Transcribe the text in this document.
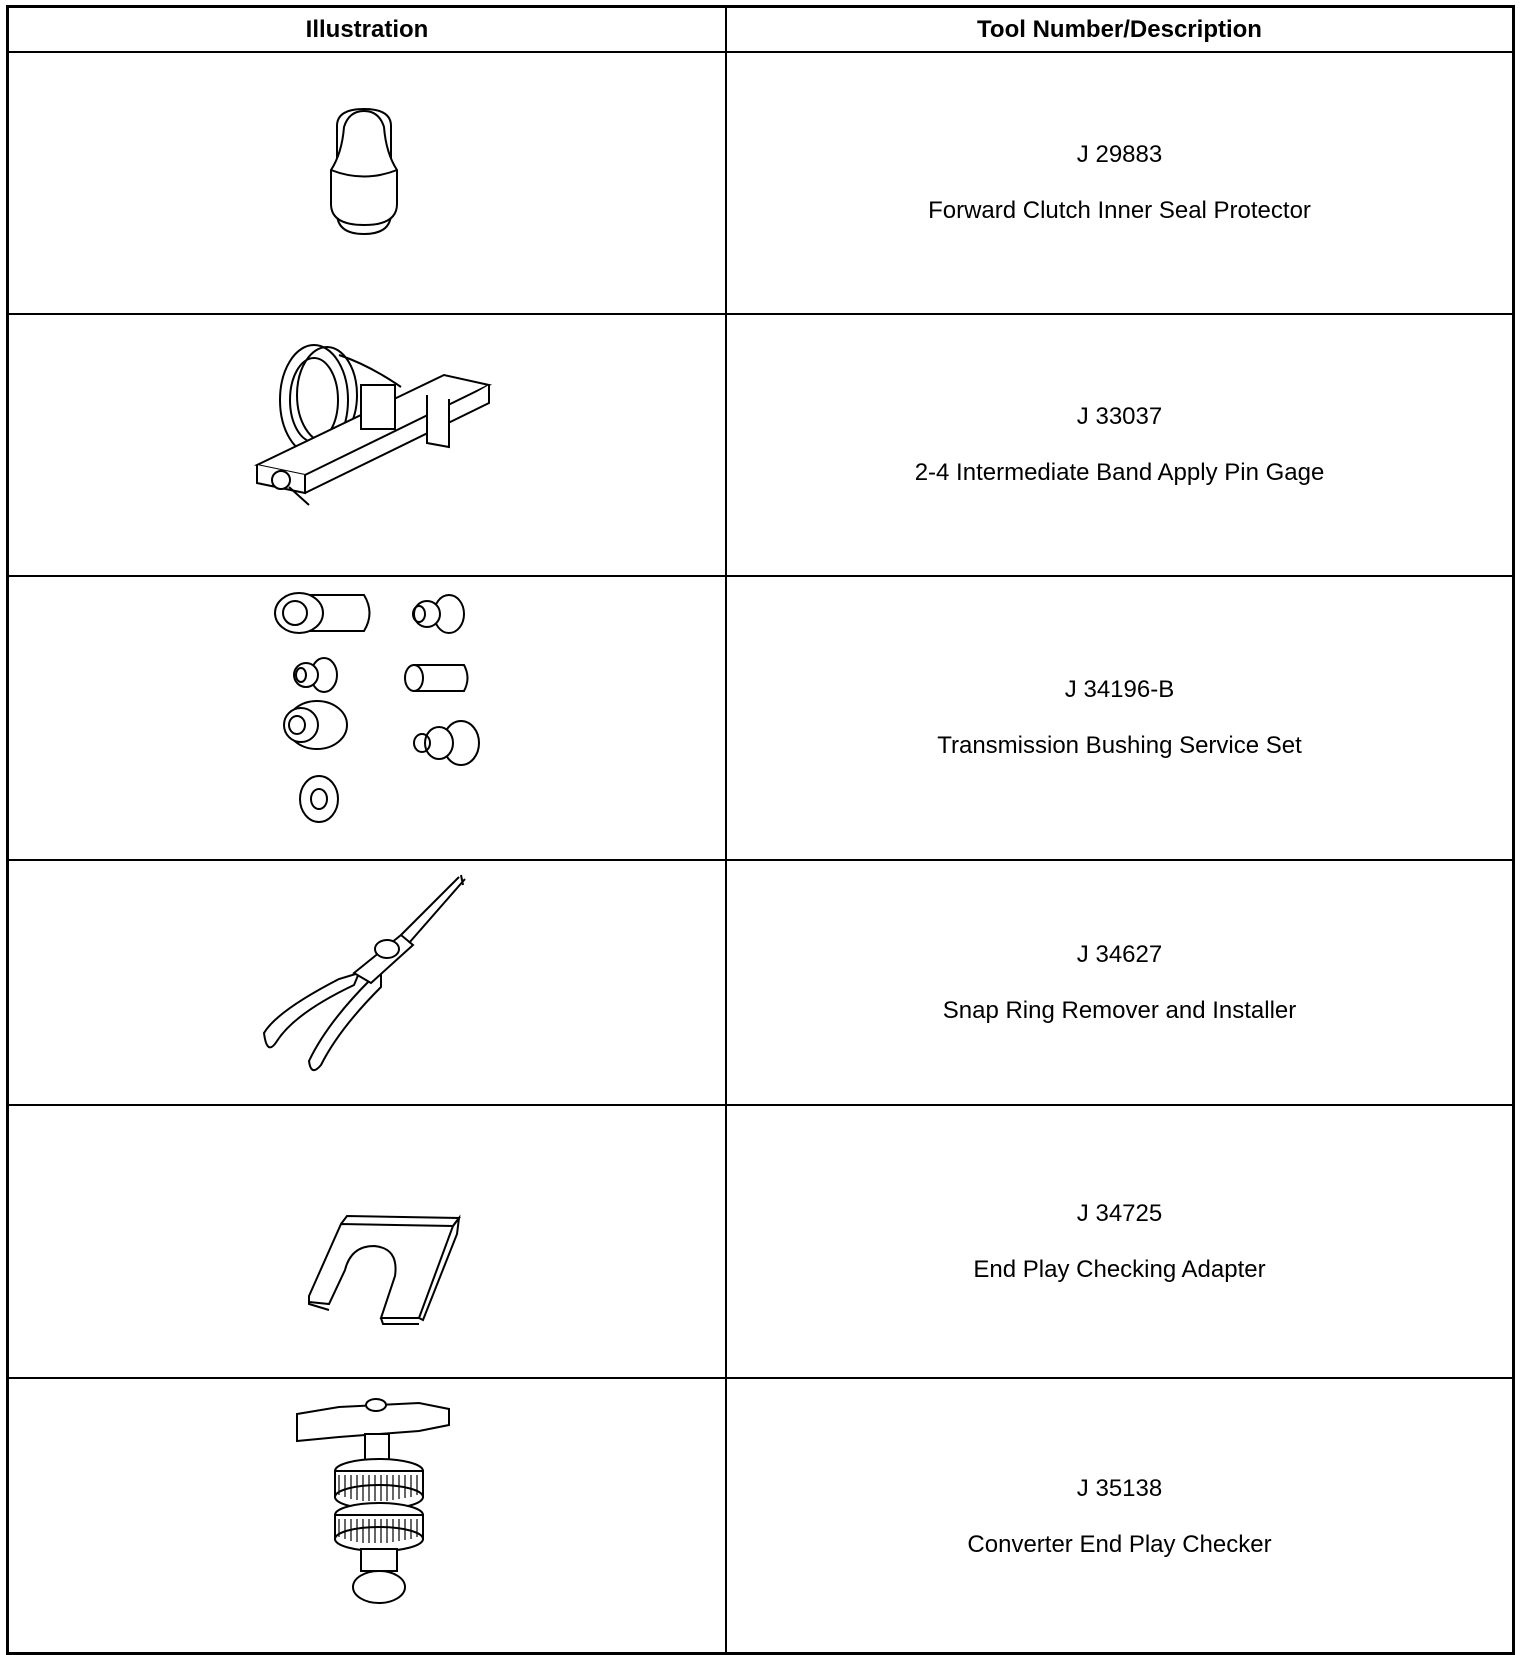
Illustration	Tool Number/Description
J 29883
Forward Clutch Inner Seal Protector
J 33037
2-4 Intermediate Band Apply Pin Gage
J 34196-B
Transmission Bushing Service Set
J 34627
Snap Ring Remover and Installer
J 34725
End Play Checking Adapter
J 35138
Converter End Play Checker
